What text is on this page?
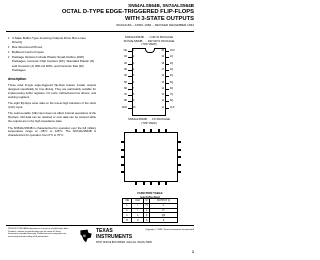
SN54ALS564B, SN74ALS564B
OCTAL D-TYPE EDGE-TRIGGERED FLIP-FLOPS
WITH 3-STATE OUTPUTS
SDAS218A – APRIL 1982 – REVISED DECEMBER 1994
• 3-State Buffer-Type Inverting Outputs Drive Bus Lines Directly
• Bus-Structured Pinout
• Buffered Control Inputs
• Package Options Include Plastic Small-Outline (DW) Packages, Ceramic Chip Carriers (FK), Standard Plastic (N) and Ceramic (J) 300-mil DIPs, and Ceramic Flat (W) Packages
description

These octal D-type edge-triggered flip-flops feature 3-state outputs designed specifically for bus driving. They are particularly suitable for implementing buffer registers, I/O ports, bidirectional bus drivers, and working registers.

The eight flip-flops enter data on the low-to-high transition of the clock (CLK) input.

The output-enable (OE) input does not affect internal operations of the flip-flops. Old data can be retained or new data can be entered while the outputs are in the high-impedance state.

The SN54ALS564B is characterized for operation over the full military temperature range of –55°C to 125°C. The SN74ALS564B is characterized for operation from 0°C to 70°C.

SN54ALS564B . . . J OR W PACKAGE
SN74ALS564B . . . DW OR N PACKAGE
(TOP VIEW)
OE	1	20	VCC
1D	2	19	1Q
2D	3	18	2Q
3D	4	17	3Q
4D	5	16	4Q
5D	6	15	5Q
6D	7	14	6Q
7D	8	13	7Q
8D	9	12	8Q
GND	10	11	CLK
SN54ALS564B . . . FK PACKAGE
(TOP VIEW)
FUNCTION TABLE
(each flip-flop)
OE	CLK	D	OUTPUT Q
L	↑	H	L
L	↑	L	H
L	L	X	Q0
H	X	X	Z
PRODUCTION DATA information is current as of publication date. Products conform to specifications per the terms of Texas Instruments standard warranty. Production processing does not necessarily include testing of all parameters.	ti
TEXAS
INSTRUMENTS
POST OFFICE BOX 655303 • DALLAS, TEXAS 75265
Copyright © 1994, Texas Instruments Incorporated
1
